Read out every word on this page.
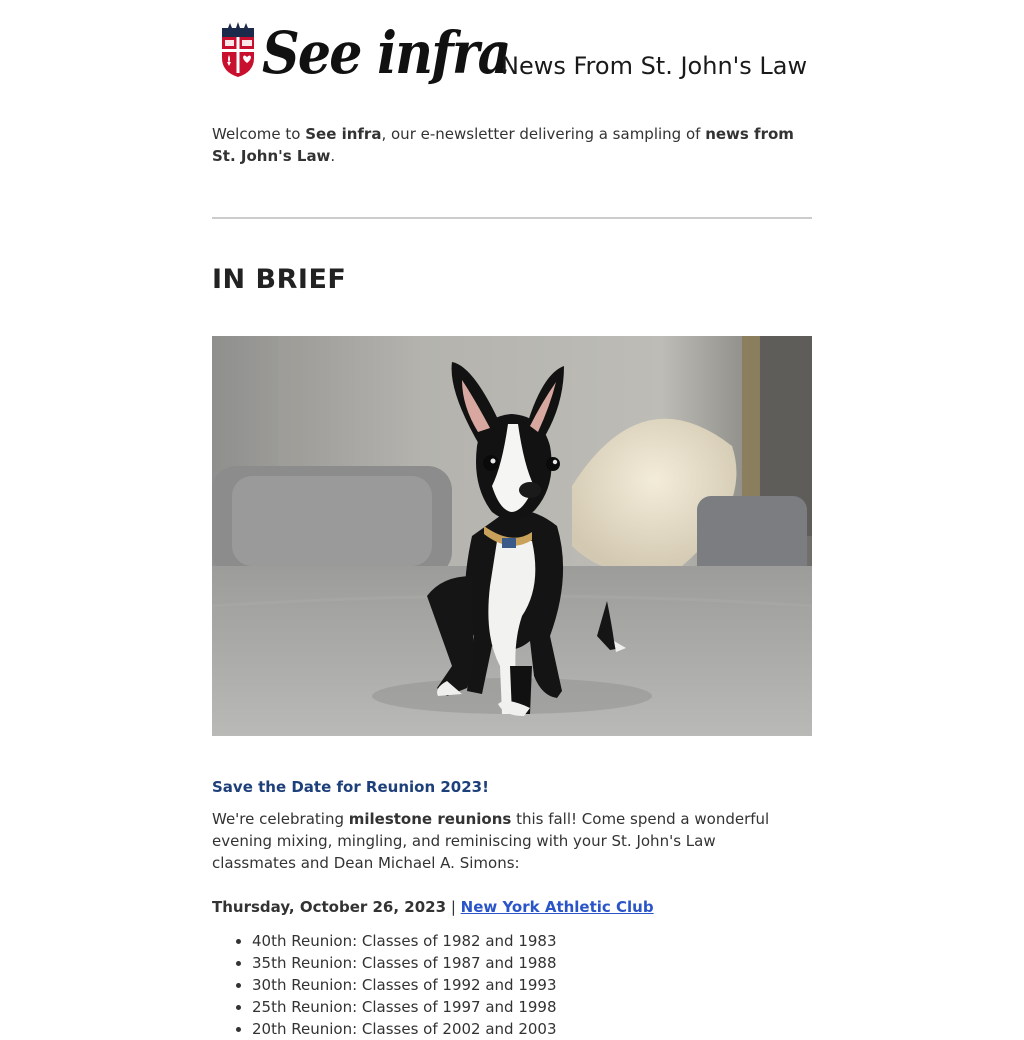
See infra
News From St. John's Law
Welcome to See infra, our e-newsletter delivering a sampling of news from St. John's Law.
IN BRIEF
Save the Date for Reunion 2023!
We're celebrating milestone reunions this fall! Come spend a wonderful evening mixing, mingling, and reminiscing with your St. John's Law classmates and Dean Michael A. Simons:
Thursday, October 26, 2023 | New York Athletic Club
• 40th Reunion: Classes of 1982 and 1983
• 35th Reunion: Classes of 1987 and 1988
• 30th Reunion: Classes of 1992 and 1993
• 25th Reunion: Classes of 1997 and 1998
• 20th Reunion: Classes of 2002 and 2003
